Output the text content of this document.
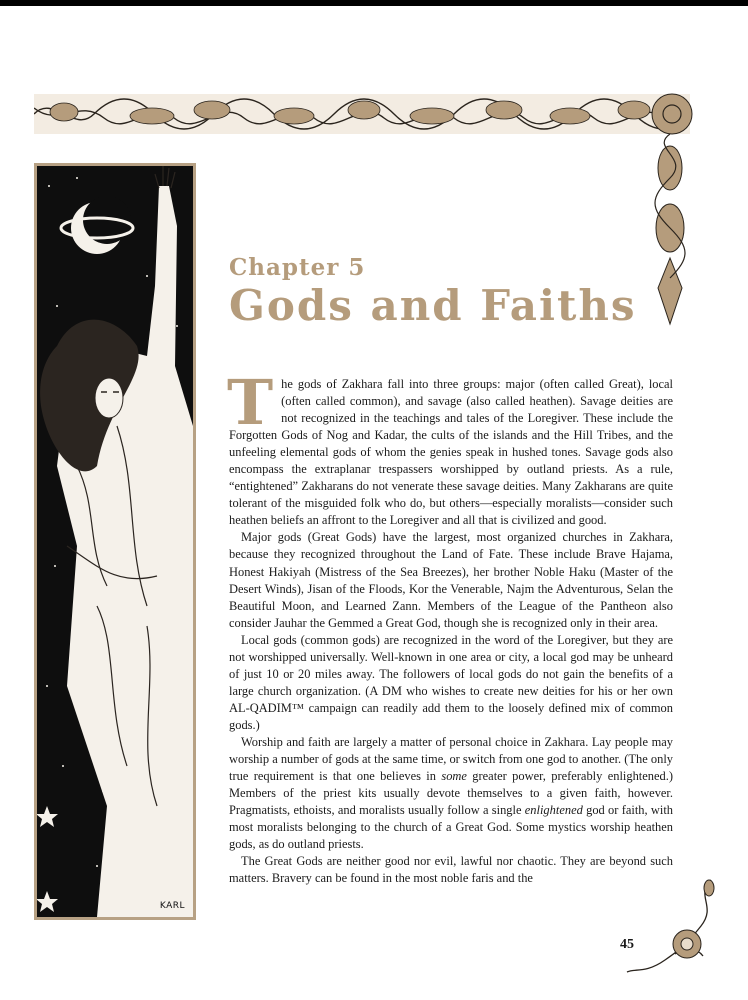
KARL
Chapter 5
Gods and Faiths

The gods of Zakhara fall into three groups: major (often called Great), local (often called common), and savage (also called heathen). Savage deities are not recognized in the teachings and tales of the Loregiver. These include the Forgotten Gods of Nog and Kadar, the cults of the islands and the Hill Tribes, and the unfeeling elemental gods of whom the genies speak in hushed tones. Savage gods also encompass the extraplanar trespassers worshipped by outland priests. As a rule, “entightened” Zakharans do not venerate these savage deities. Many Zakharans are quite tolerant of the misguided folk who do, but others—especially moralists—consider such heathen beliefs an affront to the Loregiver and all that is civilized and good.

Major gods (Great Gods) have the largest, most organized churches in Zakhara, because they recognized throughout the Land of Fate. These include Brave Hajama, Honest Hakiyah (Mistress of the Sea Breezes), her brother Noble Haku (Master of the Desert Winds), Jisan of the Floods, Kor the Venerable, Najm the Adventurous, Selan the Beautiful Moon, and Learned Zann. Members of the League of the Pantheon also consider Jauhar the Gemmed a Great God, though she is recognized only in their area.

Local gods (common gods) are recognized in the word of the Loregiver, but they are not worshipped universally. Well-known in one area or city, a local god may be unheard of just 10 or 20 miles away. The followers of local gods do not gain the benefits of a large church organization. (A DM who wishes to create new deities for his or her own AL-QADIM™ campaign can readily add them to the loosely defined mix of common gods.)

Worship and faith are largely a matter of personal choice in Zakhara. Lay people may worship a number of gods at the same time, or switch from one god to another. (The only true requirement is that one believes in some greater power, preferably enlightened.) Members of the priest kits usually devote themselves to a given faith, however. Pragmatists, ethoists, and moralists usually follow a single enlightened god or faith, with most moralists belonging to the church of a Great God. Some mystics worship heathen gods, as do outland priests.

The Great Gods are neither good nor evil, lawful nor chaotic. They are beyond such matters. Bravery can be found in the most noble faris and the

45
